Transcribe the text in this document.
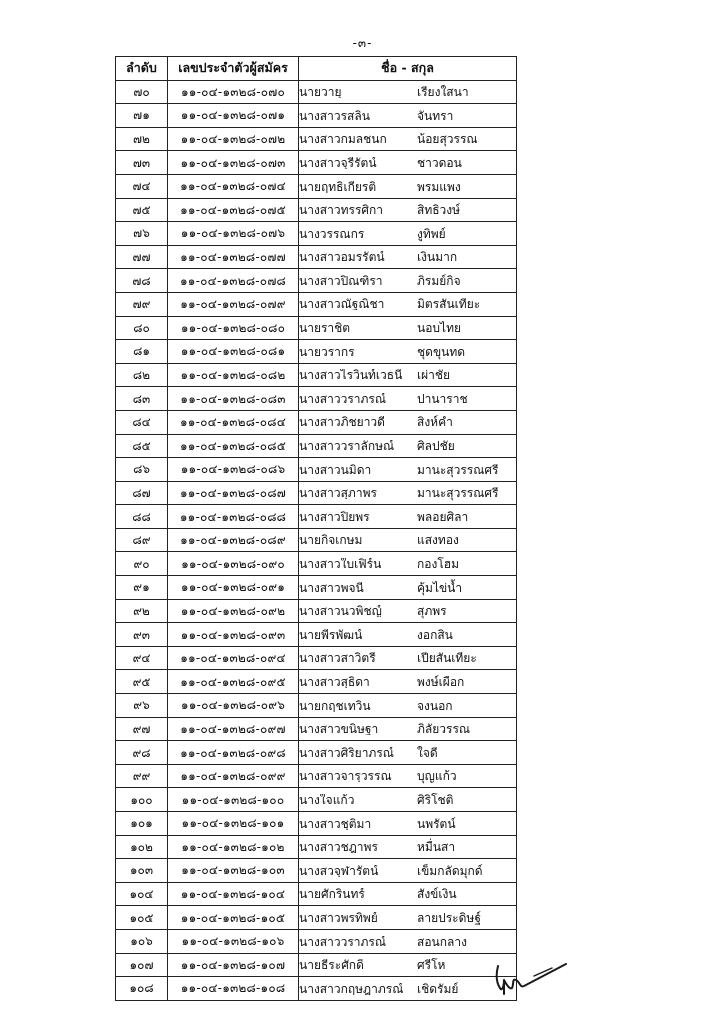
-๓-
ลำดับ	เลขประจำตัวผู้สมัคร	ชื่อ - สกุล
๗๐	๑๑-๐๔-๑๓๒๘-๐๗๐	นายวายุ เรียงใสนา
๗๑	๑๑-๐๔-๑๓๒๘-๐๗๑	นางสาวรสลิน จันทรา
๗๒	๑๑-๐๔-๑๓๒๘-๐๗๒	นางสาวกมลชนก น้อยสุวรรณ
๗๓	๑๑-๐๔-๑๓๒๘-๐๗๓	นางสาวจุรีรัตน์ ชาวดอน
๗๔	๑๑-๐๔-๑๓๒๘-๐๗๔	นายฤทธิเกียรติ พรมแพง
๗๕	๑๑-๐๔-๑๓๒๘-๐๗๕	นางสาวทรรศิกา สิทธิวงษ์
๗๖	๑๑-๐๔-๑๓๒๘-๐๗๖	นางวรรณกร งูทิพย์
๗๗	๑๑-๐๔-๑๓๒๘-๐๗๗	นางสาวอมรรัตน์ เงินมาก
๗๘	๑๑-๐๔-๑๓๒๘-๐๗๘	นางสาวปิณฑิรา ภิรมย์กิจ
๗๙	๑๑-๐๔-๑๓๒๘-๐๗๙	นางสาวณัฐณิชา มิตรสันเทียะ
๘๐	๑๑-๐๔-๑๓๒๘-๐๘๐	นายราชิต นอบไทย
๘๑	๑๑-๐๔-๑๓๒๘-๐๘๑	นายวรากร ชุดขุนทด
๘๒	๑๑-๐๔-๑๓๒๘-๐๘๒	นางสาวไรวินท์เวธนี เผ่าชัย
๘๓	๑๑-๐๔-๑๓๒๘-๐๘๓	นางสาววราภรณ์ ปานาราช
๘๔	๑๑-๐๔-๑๓๒๘-๐๘๔	นางสาวภิชยาวดี สิงห์คำ
๘๕	๑๑-๐๔-๑๓๒๘-๐๘๕	นางสาววราลักษณ์ ศิลปชัย
๘๖	๑๑-๐๔-๑๓๒๘-๐๘๖	นางสาวนมิดา มานะสุวรรณศรี
๘๗	๑๑-๐๔-๑๓๒๘-๐๘๗	นางสาวสุภาพร มานะสุวรรณศรี
๘๘	๑๑-๐๔-๑๓๒๘-๐๘๘	นางสาวปิยพร พลอยศิลา
๘๙	๑๑-๐๔-๑๓๒๘-๐๘๙	นายกิจเกษม แสงทอง
๙๐	๑๑-๐๔-๑๓๒๘-๐๙๐	นางสาวใบเฟิร์น กองโฮม
๙๑	๑๑-๐๔-๑๓๒๘-๐๙๑	นางสาวพจนี คุ้มไข่น้ำ
๙๒	๑๑-๐๔-๑๓๒๘-๐๙๒	นางสาวนวพิชญ์ สุภพร
๙๓	๑๑-๐๔-๑๓๒๘-๐๙๓	นายพีรพัฒน์ งอกสิน
๙๔	๑๑-๐๔-๑๓๒๘-๐๙๔	นางสาวสาวิตรี เปียสันเทียะ
๙๕	๑๑-๐๔-๑๓๒๘-๐๙๕	นางสาวสุธิดา พงษ์เผือก
๙๖	๑๑-๐๔-๑๓๒๘-๐๙๖	นายกฤชเทวิน จงนอก
๙๗	๑๑-๐๔-๑๓๒๘-๐๙๗	นางสาวขนิษฐา ภิลัยวรรณ
๙๘	๑๑-๐๔-๑๓๒๘-๐๙๘	นางสาวศิริยาภรณ์ ใจดี
๙๙	๑๑-๐๔-๑๓๒๘-๐๙๙	นางสาวจารุวรรณ บุญแก้ว
๑๐๐	๑๑-๐๔-๑๓๒๘-๑๐๐	นางใจแก้ว ศิริโชติ
๑๐๑	๑๑-๐๔-๑๓๒๘-๑๐๑	นางสาวชุติมา นพรัตน์
๑๐๒	๑๑-๐๔-๑๓๒๘-๑๐๒	นางสาวชฎาพร หมื่นสา
๑๐๓	๑๑-๐๔-๑๓๒๘-๑๐๓	นางสวจุฬารัตน์ เข็มกลัดมุกด์
๑๐๔	๑๑-๐๔-๑๓๒๘-๑๐๔	นายศักรินทร์ สังข์เงิน
๑๐๕	๑๑-๐๔-๑๓๒๘-๑๐๕	นางสาวพรทิพย์ ลายประดิษฐ์
๑๐๖	๑๑-๐๔-๑๓๒๘-๑๐๖	นางสาววราภรณ์ สอนกลาง
๑๐๗	๑๑-๐๔-๑๓๒๘-๑๐๗	นายธีระศักดิ์ ศรีโห
๑๐๘	๑๑-๐๔-๑๓๒๘-๑๐๘	นางสาวกฤษฎาภรณ์ เชิดรัมย์
